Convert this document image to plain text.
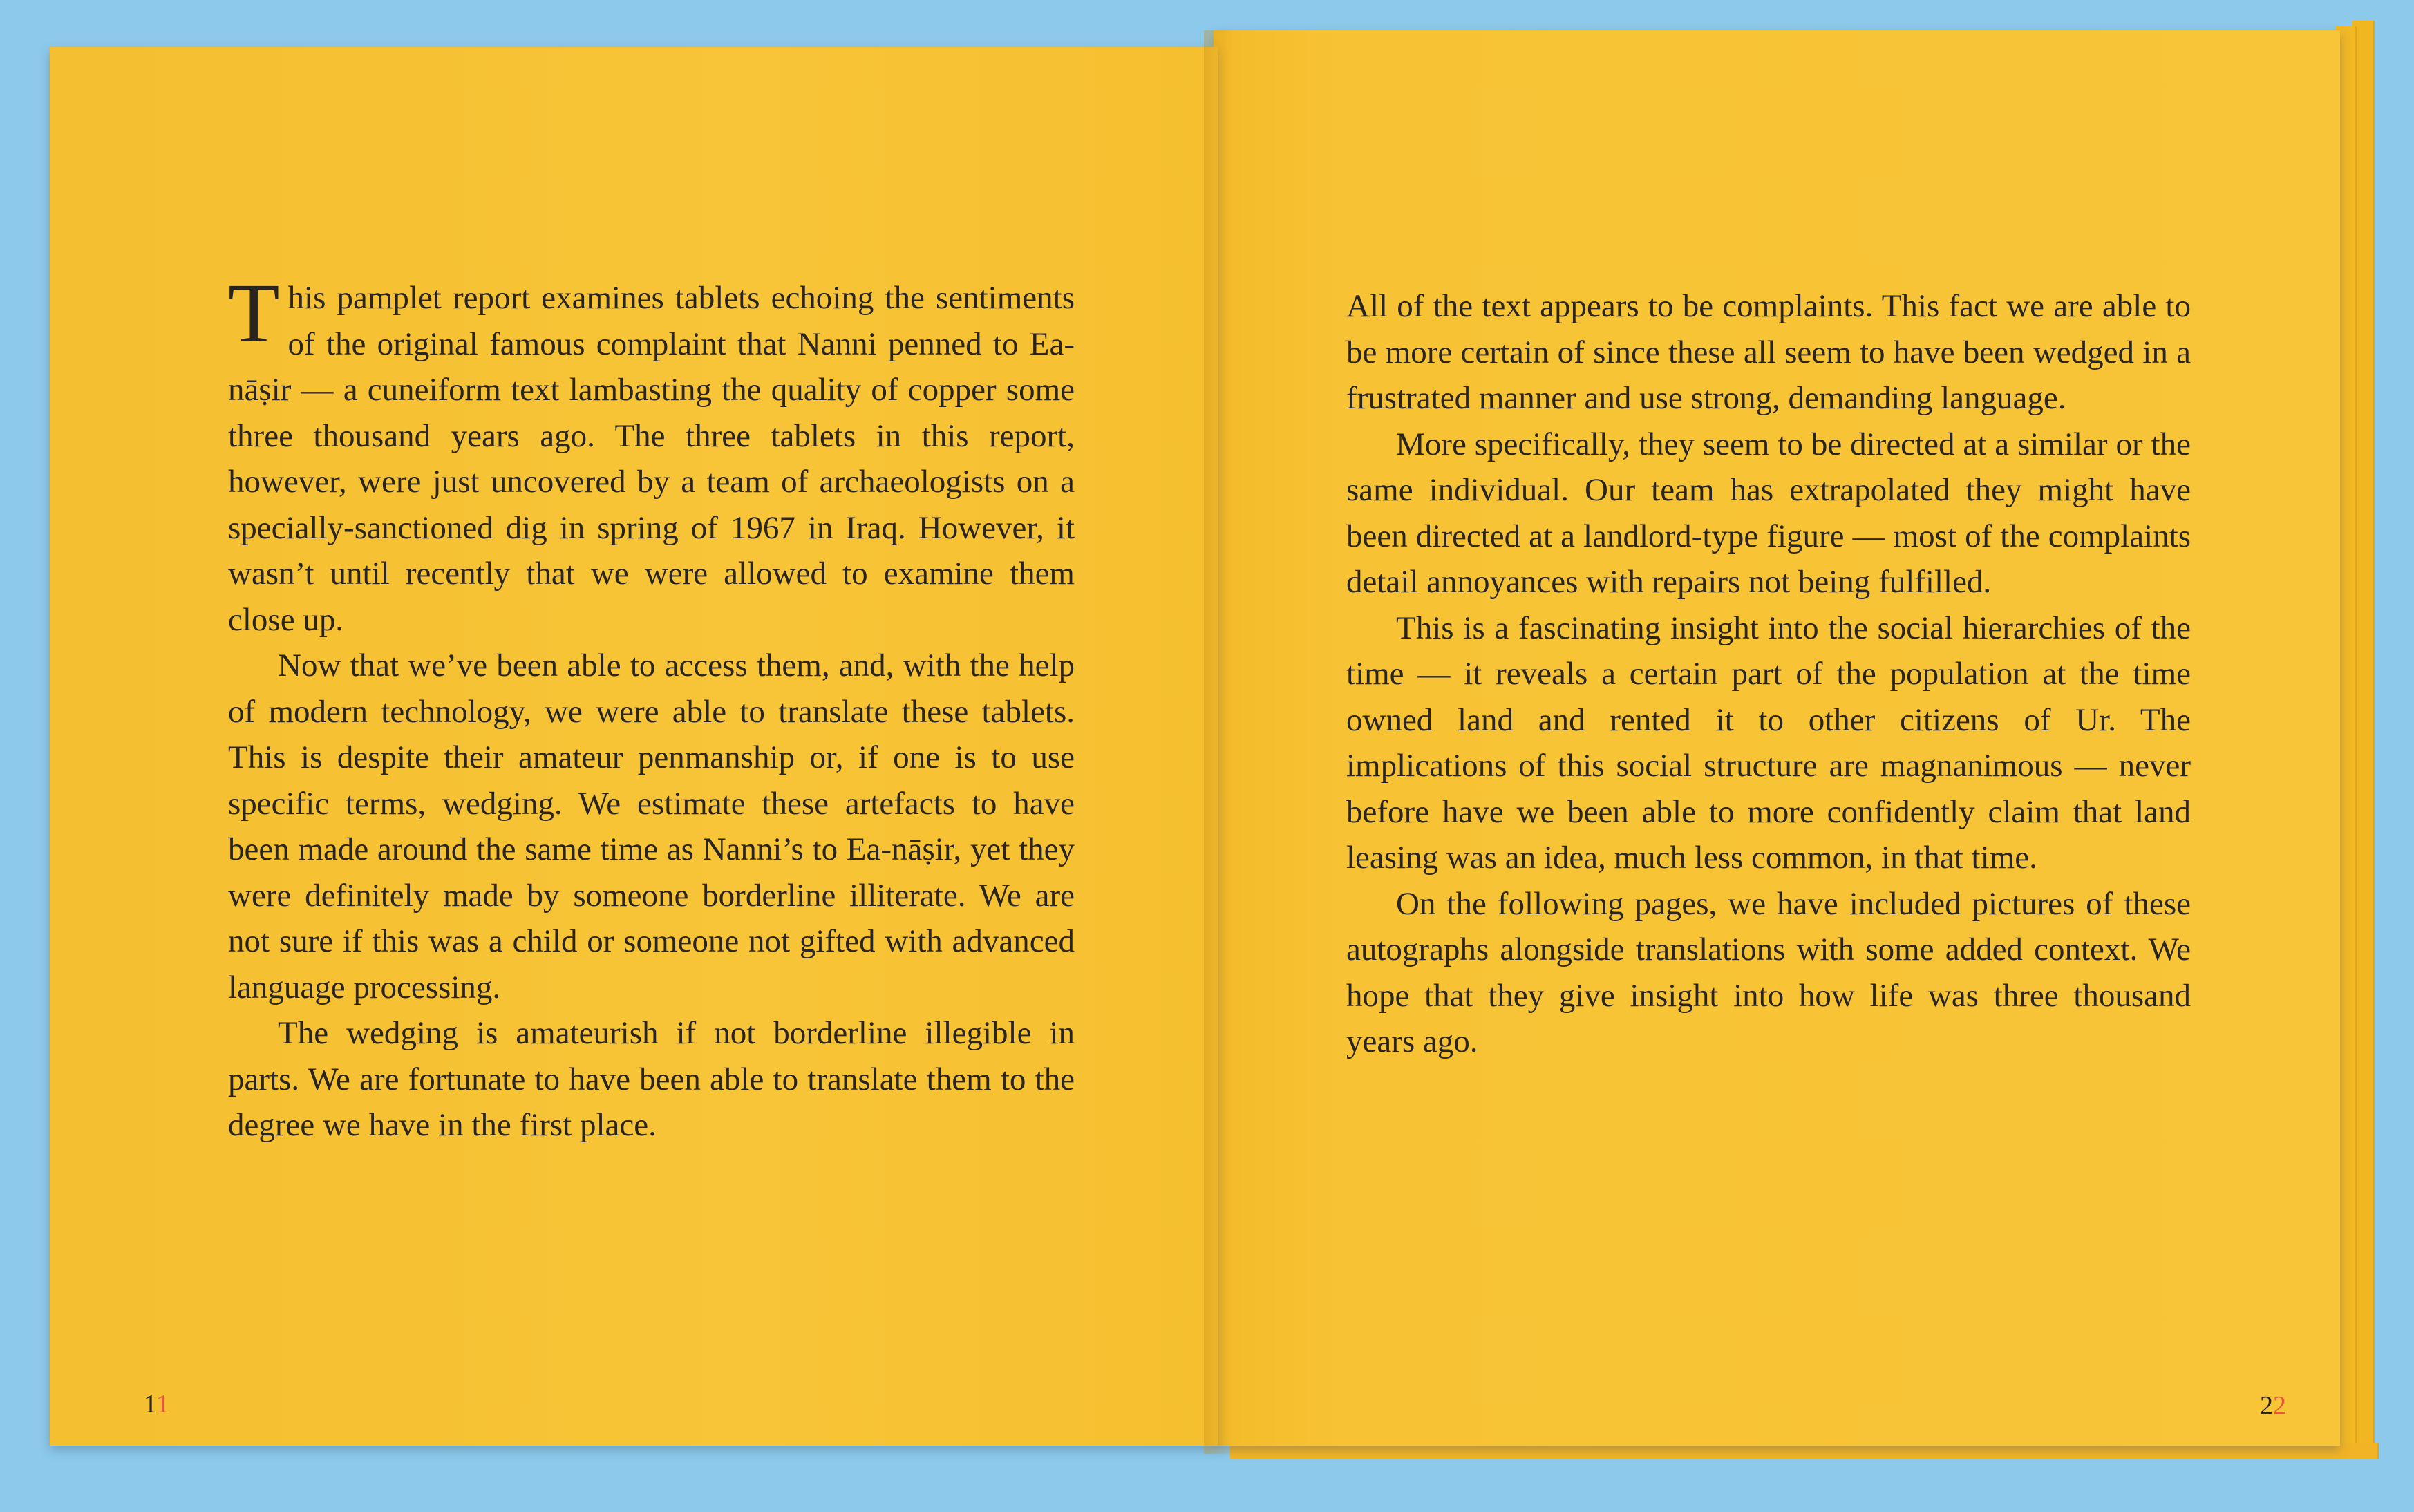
This pamplet report examines tablets echoing the sentiments of the original famous complaint that Nanni penned to Ea-nāṣir — a cuneiform text lambasting the quality of copper some three thousand years ago. The three tablets in this report, however, were just uncovered by a team of archaeologists on a specially-sanctioned dig in spring of 1967 in Iraq. However, it wasn’t until recently that we were allowed to examine them close up.

Now that we’ve been able to access them, and, with the help of modern technology, we were able to translate these tablets. This is despite their amateur penmanship or, if one is to use specific terms, wedging. We estimate these artefacts to have been made around the same time as Nanni’s to Ea-nāṣir, yet they were definitely made by someone borderline illiterate. We are not sure if this was a child or someone not gifted with advanced language processing.

The wedging is amateurish if not borderline illegible in parts. We are fortunate to have been able to translate them to the degree we have in the first place.

All of the text appears to be complaints. This fact we are able to be more certain of since these all seem to have been wedged in a frustrated manner and use strong, demanding language.

More specifically, they seem to be directed at a similar or the same individual. Our team has extrapolated they might have been directed at a landlord-type figure — most of the complaints detail annoyances with repairs not being fulfilled.

This is a fascinating insight into the social hierarchies of the time — it reveals a certain part of the population at the time owned land and rented it to other citizens of Ur. The implications of this social structure are magnanimous — never before have we been able to more confidently claim that land leasing was an idea, much less common, in that time.

On the following pages, we have included pictures of these autographs alongside translations with some added context. We hope that they give insight into how life was three thousand years ago.

11	22
